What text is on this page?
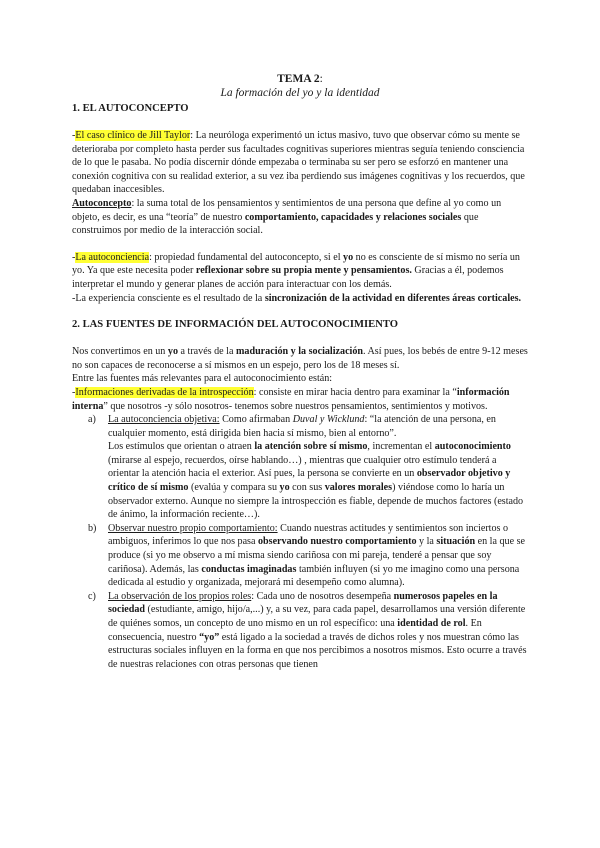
TEMA 2:
La formación del yo y la identidad
1. EL AUTOCONCEPTO

-El caso clínico de Jill Taylor: La neuróloga experimentó un ictus masivo, tuvo que observar cómo su mente se deterioraba por completo hasta perder sus facultades cognitivas superiores mientras seguía teniendo consciencia de lo que le pasaba. No podía discernir dónde empezaba o terminaba su ser pero se esforzó en mantener una conexión cognitiva con su realidad exterior, a su vez iba perdiendo sus imágenes cognitivas y los recuerdos, que quedaban inaccesibles.

Autoconcepto: la suma total de los pensamientos y sentimientos de una persona que define al yo como un objeto, es decir, es una “teoría” de nuestro comportamiento, capacidades y relaciones sociales que construimos por medio de la interacción social.

-La autoconciencia: propiedad fundamental del autoconcepto, si el yo no es consciente de sí mismo no sería un yo. Ya que este necesita poder reflexionar sobre su propia mente y pensamientos. Gracias a él, podemos interpretar el mundo y generar planes de acción para interactuar con los demás.

-La experiencia consciente es el resultado de la sincronización de la actividad en diferentes áreas corticales.

2. LAS FUENTES DE INFORMACIÓN DEL AUTOCONOCIMIENTO

Nos convertimos en un yo a través de la maduración y la socialización. Así pues, los bebés de entre 9-12 meses no son capaces de reconocerse a sí mismos en un espejo, pero los de 18 meses sí.

Entre las fuentes más relevantes para el autoconocimiento están:

-Informaciones derivadas de la introspección: consiste en mirar hacia dentro para examinar la “información interna” que nosotros -y sólo nosotros- tenemos sobre nuestros pensamientos, sentimientos y motivos.

a) La autoconciencia objetiva: Como afirmaban Duval y Wicklund: “la atención de una persona, en cualquier momento, está dirigida bien hacia sí mismo, bien al entorno”.
Los estímulos que orientan o atraen la atención sobre sí mismo, incrementan el autoconocimiento (mirarse al espejo, recuerdos, oírse hablando…) , mientras que cualquier otro estímulo tenderá a orientar la atención hacia el exterior. Así pues, la persona se convierte en un observador objetivo y crítico de sí mismo (evalúa y compara su yo con sus valores morales) viéndose como lo haría un observador externo. Aunque no siempre la introspección es fiable, depende de muchos factores (estado de ánimo, la información reciente…).
b) Observar nuestro propio comportamiento: Cuando nuestras actitudes y sentimientos son inciertos o ambiguos, inferimos lo que nos pasa observando nuestro comportamiento y la situación en la que se produce (si yo me observo a mí misma siendo cariñosa con mi pareja, tenderé a pensar que soy cariñosa). Además, las conductas imaginadas también influyen (si yo me imagino como una persona dedicada al estudio y organizada, mejorará mi desempeño como alumna).
c) La observación de los propios roles: Cada uno de nosotros desempeña numerosos papeles en la sociedad (estudiante, amigo, hijo/a,...) y, a su vez, para cada papel, desarrollamos una versión diferente de quiénes somos, un concepto de uno mismo en un rol específico: una identidad de rol. En consecuencia, nuestro “yo” está ligado a la sociedad a través de dichos roles y nos muestran cómo las estructuras sociales influyen en la forma en que nos percibimos a nosotros mismos. Esto ocurre a través de nuestras relaciones con otras personas que tienen
